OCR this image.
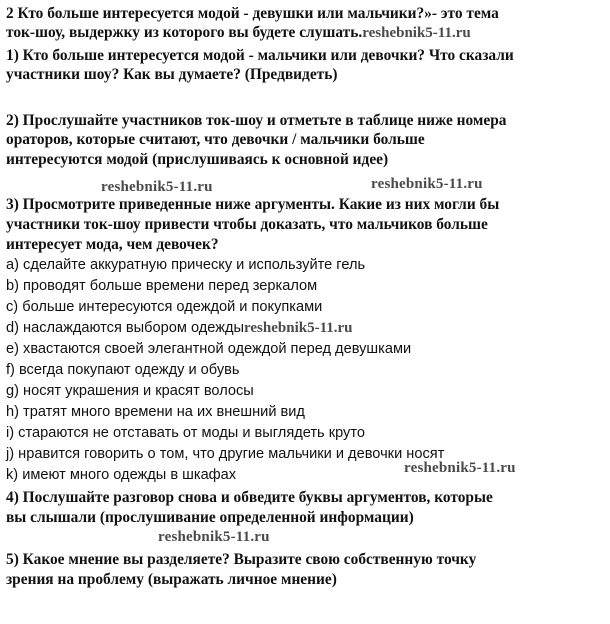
2 Кто больше интересуется модой - девушки или мальчики?»- это тема
ток-шоу, выдержку из которого вы будете слушать.reshebnik5-11.ru
1) Кто больше интересуется модой - мальчики или девочки? Что сказали
участники шоу? Как вы думаете? (Предвидеть)
2) Прослушайте участников ток-шоу и отметьте в таблице ниже номера
ораторов, которые считают, что девочки / мальчики больше
интересуются модой (прислушиваясь к основной идее)
reshebnik5-11.ru	reshebnik5-11.ru
3) Просмотрите приведенные ниже аргументы. Какие из них могли бы
участники ток-шоу привести чтобы доказать, что мальчиков больше
интересует мода, чем девочек?
a) сделайте аккуратную прическу и используйте гель
b) проводят больше времени перед зеркалом
c) больше интересуются одеждой и покупками
d) наслаждаются выбором одеждыreshebnik5-11.ru
e) хвастаются своей элегантной одеждой перед девушками
f) всегда покупают одежду и обувь
g) носят украшения и красят волосы
h) тратят много времени на их внешний вид
i) стараются не отставать от моды и выглядеть круто
j) нравится говорить о том, что другие мальчики и девочки носят
k) имеют много одежды в шкафах	reshebnik5-11.ru
4) Послушайте разговор снова и обведите буквы аргументов, которые
вы слышали (прослушивание определенной информации)
reshebnik5-11.ru
5) Какое мнение вы разделяете? Выразите свою собственную точку
зрения на проблему (выражать личное мнение)
